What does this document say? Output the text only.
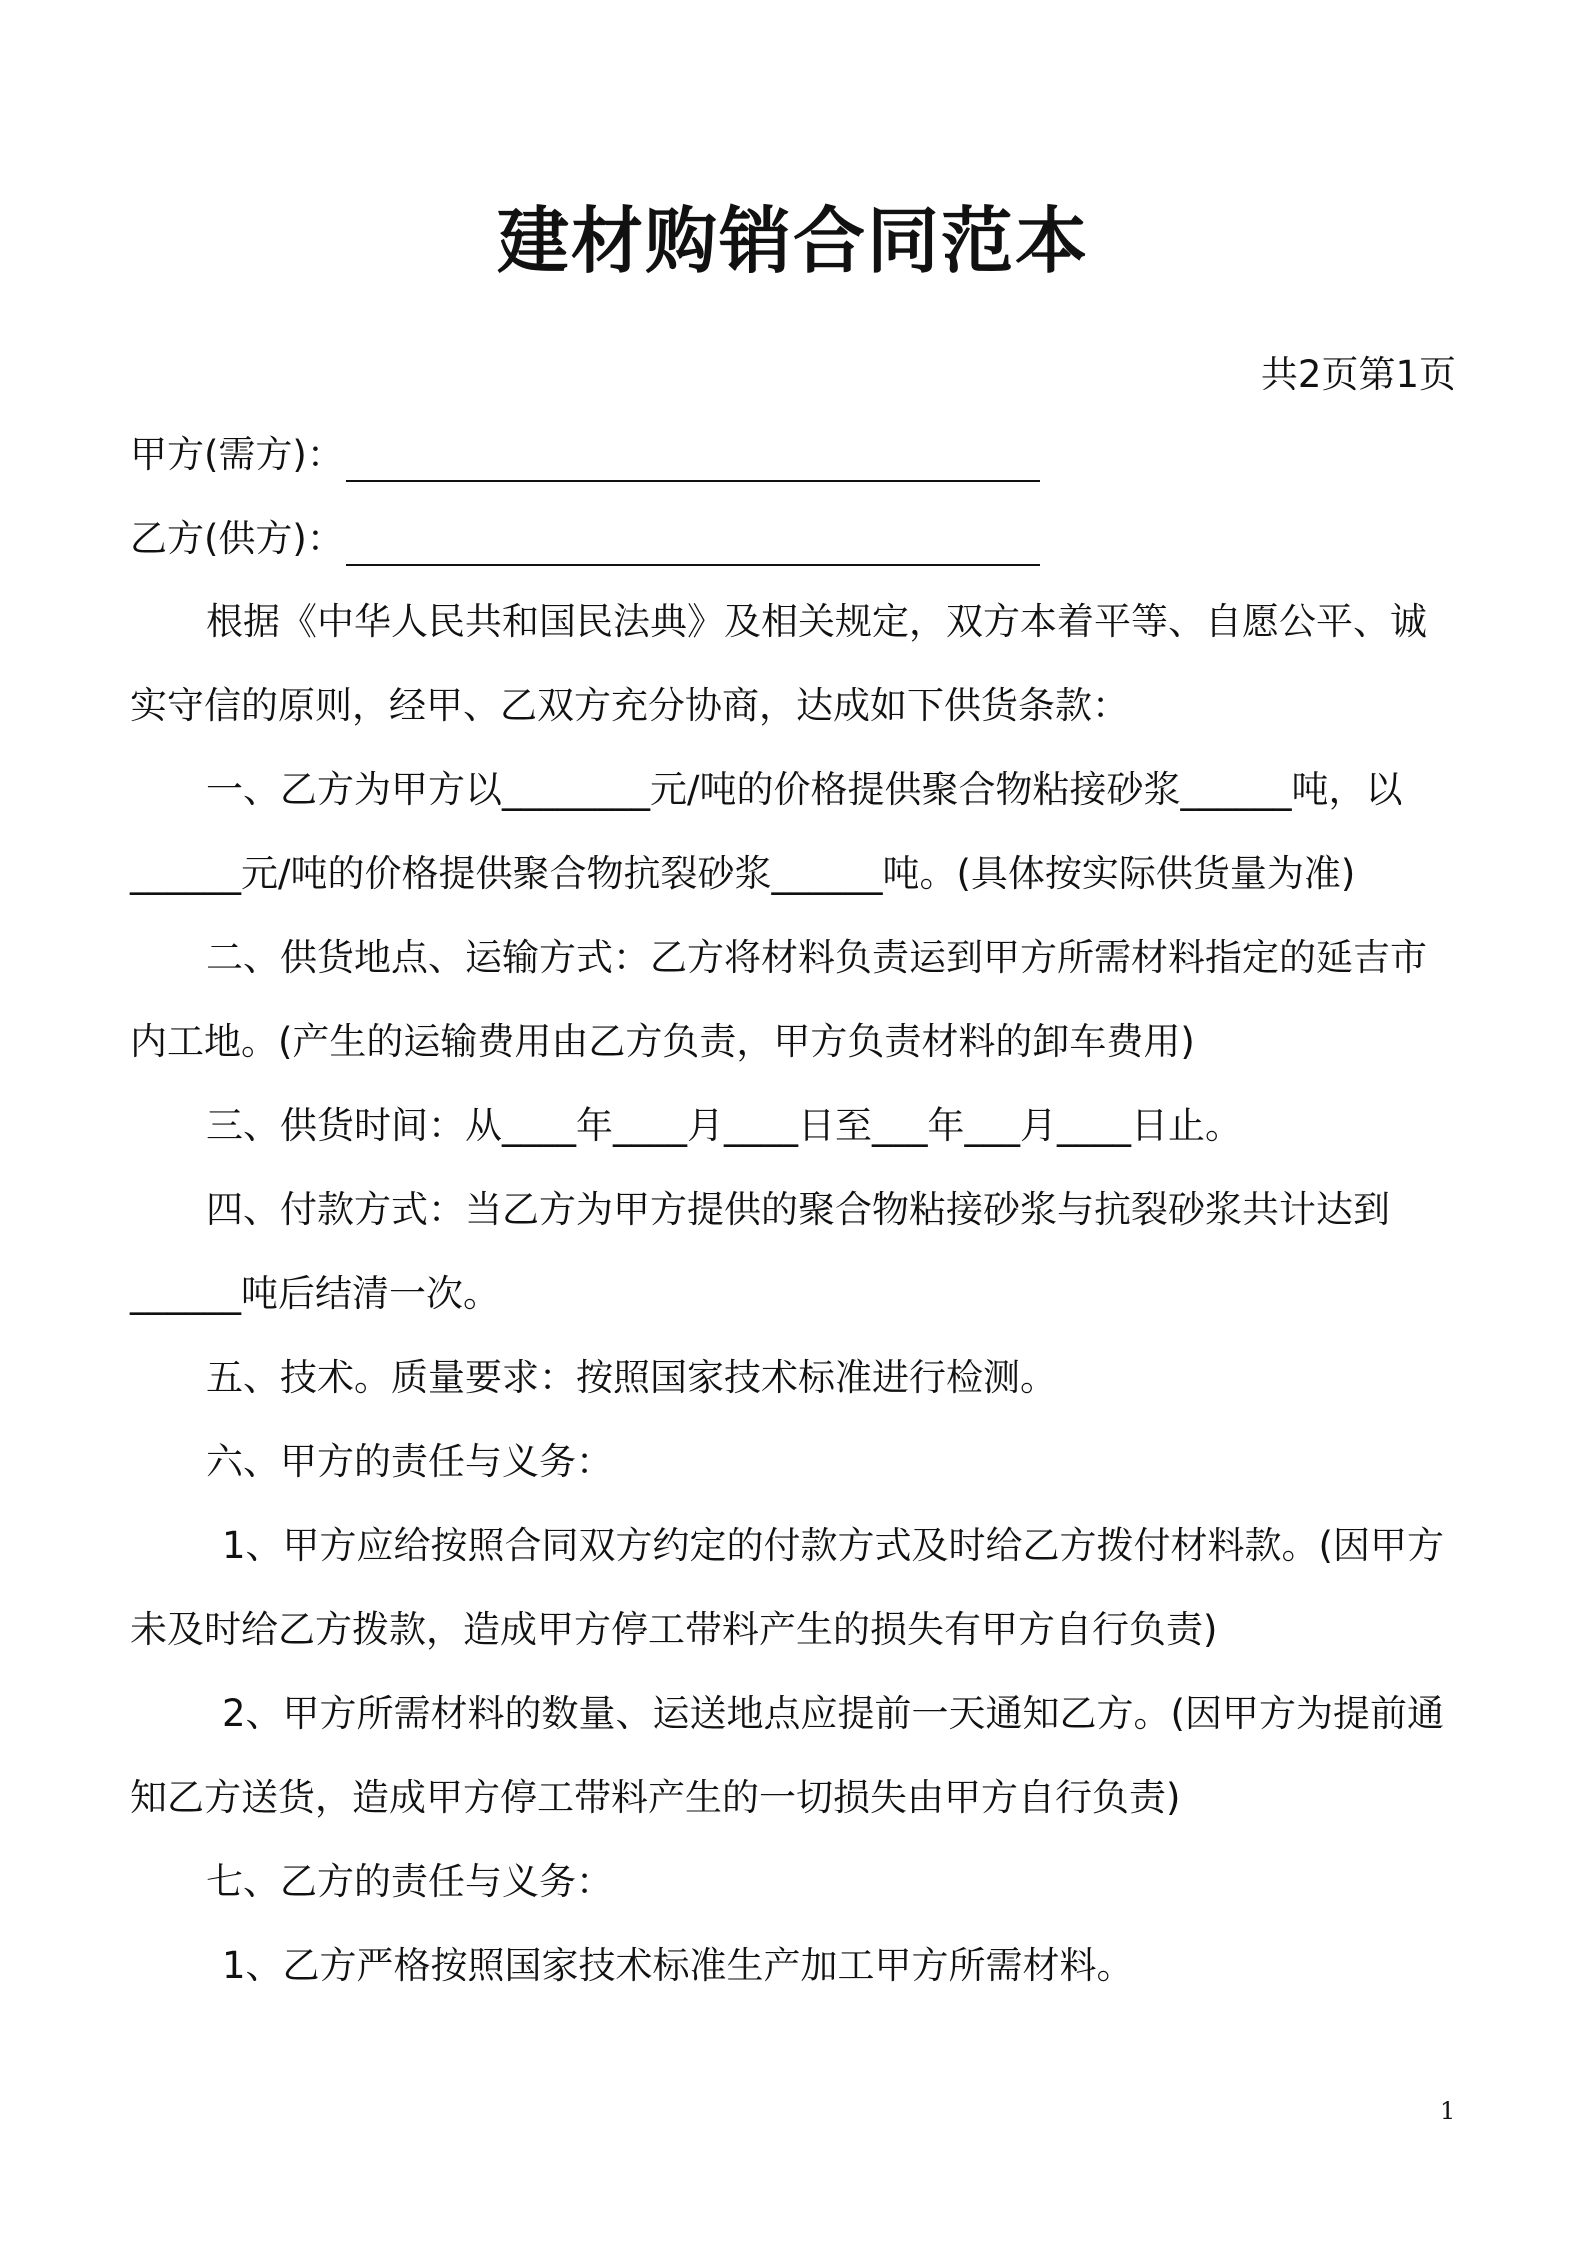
建材购销合同范本
共2页第1页
甲方(需方)：
乙方(供方)：
根据《中华人民共和国民法典》及相关规定，双方本着平等、自愿公平、诚
实守信的原则，经甲、乙双方充分协商，达成如下供货条款：
一、乙方为甲方以________元/吨的价格提供聚合物粘接砂浆______吨，以
______元/吨的价格提供聚合物抗裂砂浆______吨。(具体按实际供货量为准)
二、供货地点、运输方式：乙方将材料负责运到甲方所需材料指定的延吉市
内工地。(产生的运输费用由乙方负责，甲方负责材料的卸车费用)
三、供货时间：从____年____月____日至___年___月____日止。
四、付款方式：当乙方为甲方提供的聚合物粘接砂浆与抗裂砂浆共计达到
______吨后结清一次。
五、技术。质量要求：按照国家技术标准进行检测。
六、甲方的责任与义务：
1、甲方应给按照合同双方约定的付款方式及时给乙方拨付材料款。(因甲方
未及时给乙方拨款，造成甲方停工带料产生的损失有甲方自行负责)
2、甲方所需材料的数量、运送地点应提前一天通知乙方。(因甲方为提前通
知乙方送货，造成甲方停工带料产生的一切损失由甲方自行负责)
七、乙方的责任与义务：
1、乙方严格按照国家技术标准生产加工甲方所需材料。
1
